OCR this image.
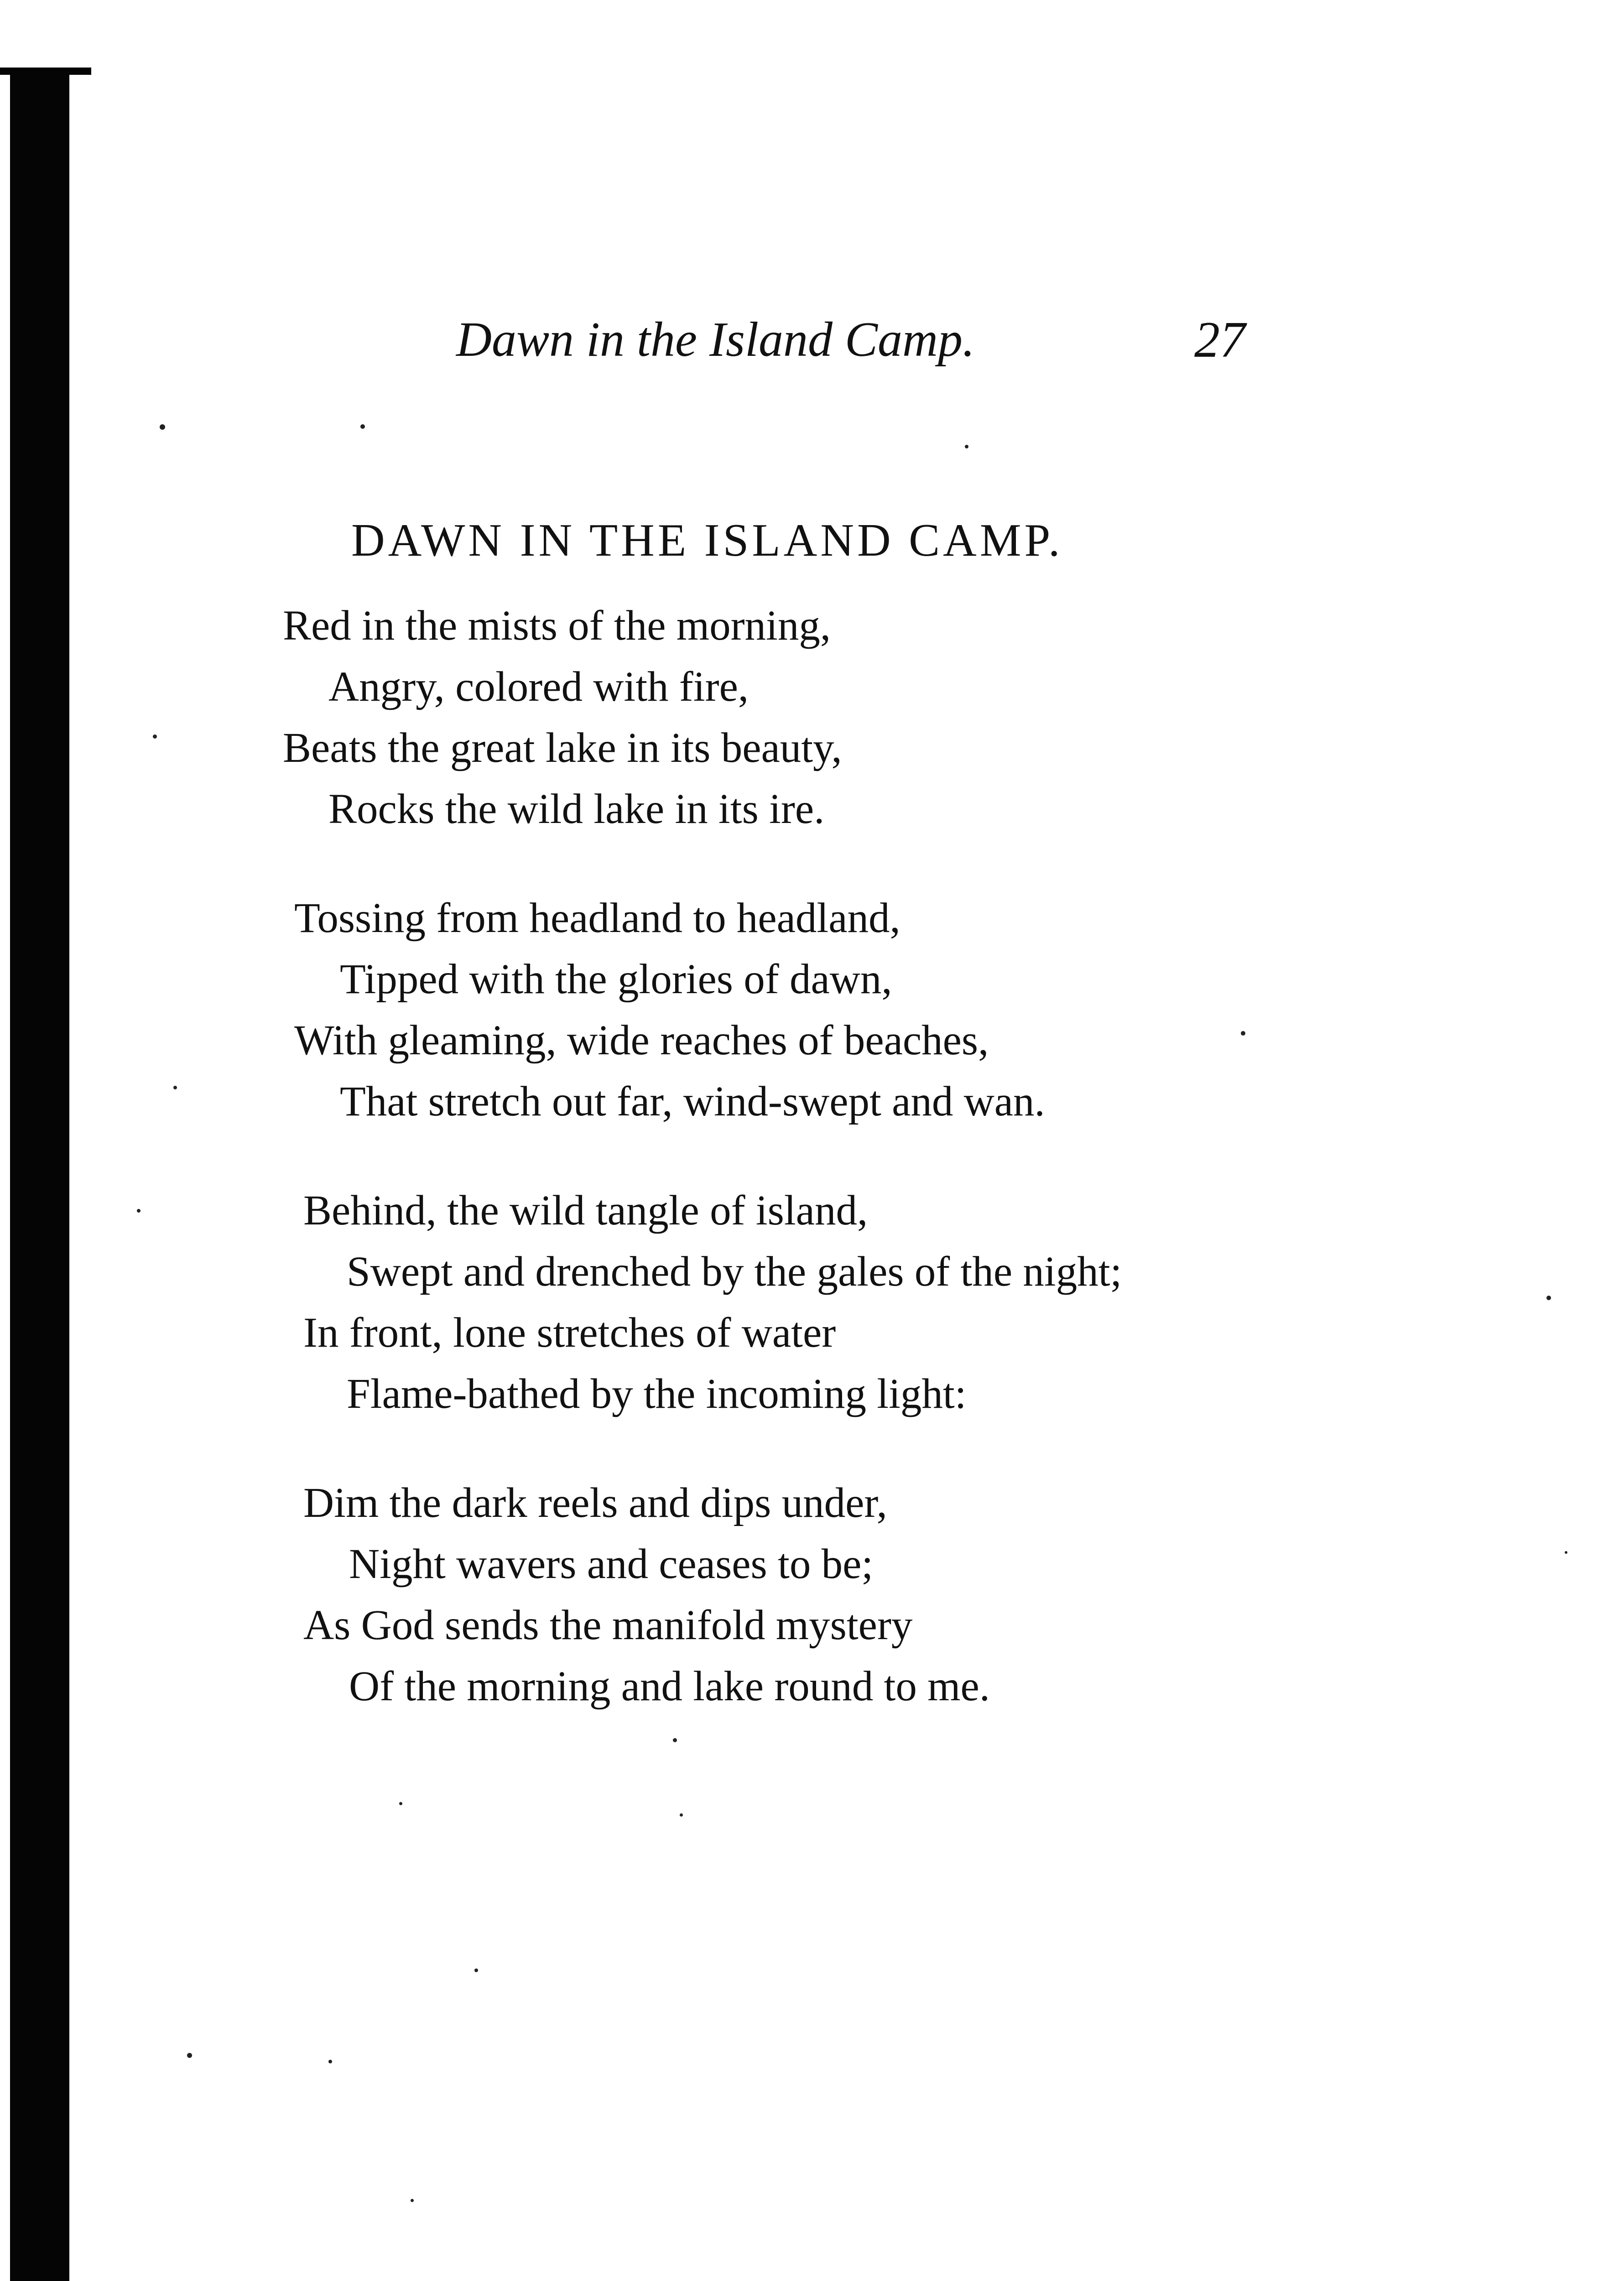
Dawn in the Island Camp.	27
DAWN IN THE ISLAND CAMP.
Red in the mists of the morning,
Angry, colored with fire,
Beats the great lake in its beauty,
Rocks the wild lake in its ire.
Tossing from headland to headland,
Tipped with the glories of dawn,
With gleaming, wide reaches of beaches,
That stretch out far, wind-swept and wan.
Behind, the wild tangle of island,
Swept and drenched by the gales of the night;
In front, lone stretches of water
Flame-bathed by the incoming light:
Dim the dark reels and dips under,
Night wavers and ceases to be;
As God sends the manifold mystery
Of the morning and lake round to me.
